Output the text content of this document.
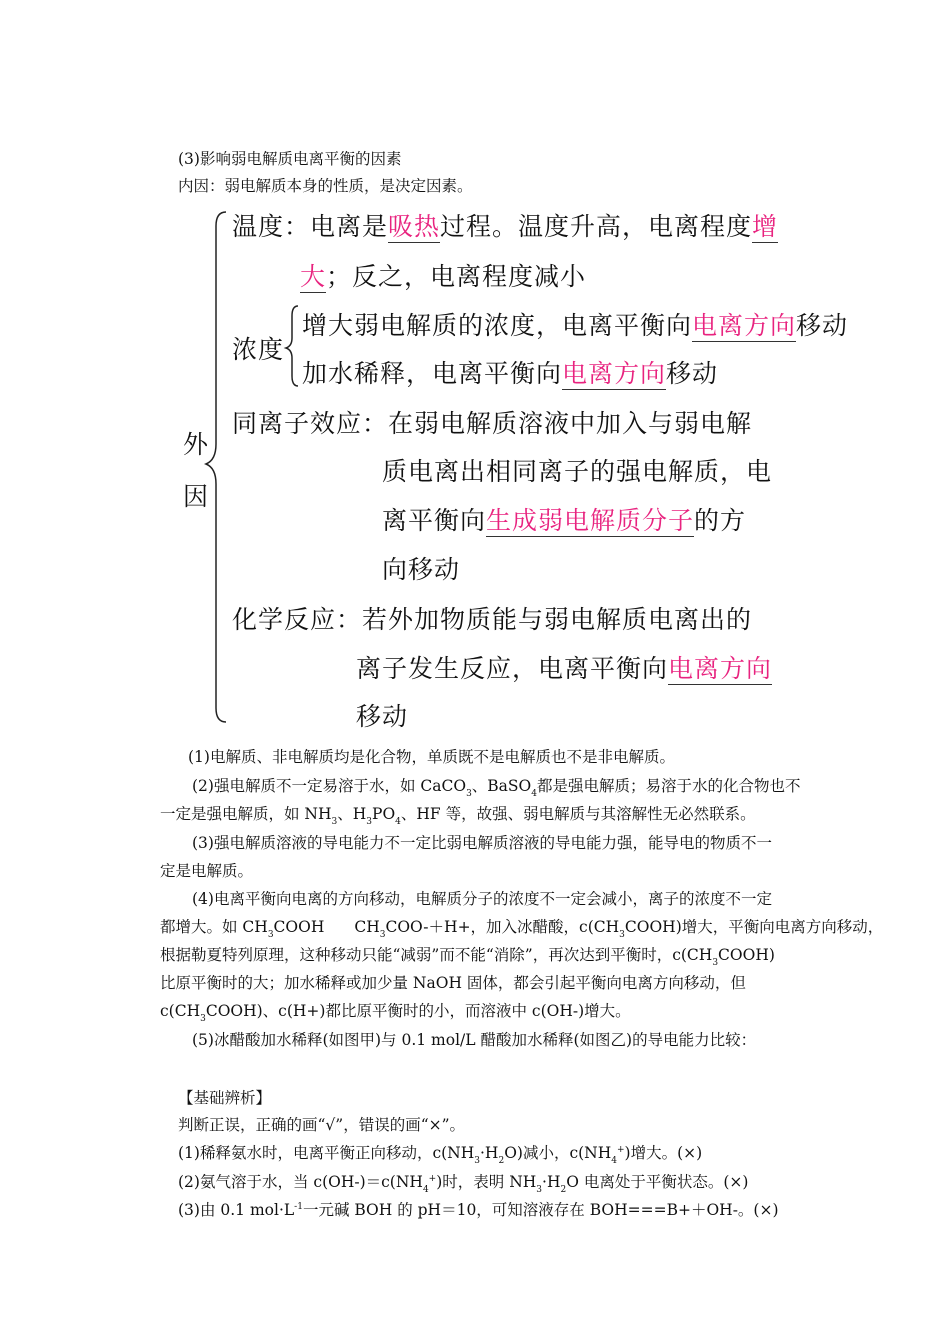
(3)影响弱电解质电离平衡的因素
内因：弱电解质本身的性质，是决定因素。
外
因
温度：电离是吸热过程。温度升高，电离程度增
大；反之，电离程度减小
浓度
增大弱电解质的浓度，电离平衡向电离方向移动
加水稀释，电离平衡向电离方向移动
同离子效应：在弱电解质溶液中加入与弱电解
质电离出相同离子的强电解质，电
离平衡向生成弱电解质分子的方
向移动
化学反应：若外加物质能与弱电解质电离出的
离子发生反应，电离平衡向电离方向
移动
(1)电解质、非电解质均是化合物，单质既不是电解质也不是非电解质。
(2)强电解质不一定易溶于水，如 CaCO$_3$、BaSO$_4$都是强电解质；易溶于水的化合物也不
一定是强电解质，如 $NH_3$、$H_3PO_4$、HF 等，故强、弱电解质与其溶解性无必然联系。
(3)强电解质溶液的导电能力不一定比弱电解质溶液的导电能力强，能导电的物质不一
定是电解质。
(4)电离平衡向电离的方向移动，电解质分子的浓度不一定会减小，离子的浓度不一定
都增大。如 $CH_3COOH$ $CH_3COO-+H+$，加入冰醋酸，$c(CH_3COOH)$增大，平衡向电离方向移动，
根据勒夏特列原理，这种移动只能“减弱”而不能“消除”，再次达到平衡时，$c(CH_3COOH)$
比原平衡时的大；加水稀释或加少量 NaOH 固体，都会引起平衡向电离方向移动，但
$c(CH_3COOH)$、c(H+)都比原平衡时的小，而溶液中 c(OH-)增大。
(5)冰醋酸加水稀释(如图甲)与 0.1 mol/L 醋酸加水稀释(如图乙)的导电能力比较：
【基础辨析】
判断正误，正确的画“√”，错误的画“×”。
(1)稀释氨水时，电离平衡正向移动，$c(NH_3\cdot H_2O)$减小，$c(NH_4^+)$增大。(×)
(2)氨气溶于水，当 $c(OH-)=c(NH_4^+)$时，表明 $NH_3\cdot H_2O$ 电离处于平衡状态。(×)
(3)由 0.1 $mol\cdot L^{-1}$一元碱 BOH 的 pH＝10，可知溶液存在 BOH===B+＋OH-。(×)
